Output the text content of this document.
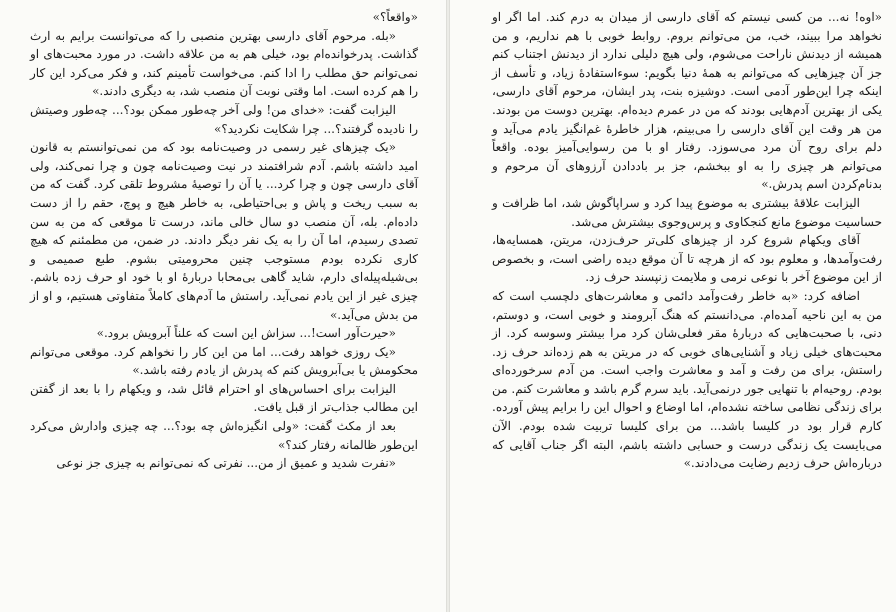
«واقعاً؟»

«بله. مرحوم آقای دارسی بهترین منصبی را که می‌توانست برایم به ارث گذاشت. پدرخوانده‌ام بود، خیلی هم به من علاقه داشت. در مورد محبت‌های او نمی‌توانم حق مطلب را ادا کنم. می‌خواست تأمینم کند، و فکر می‌کرد این کار را هم کرده است. اما وقتی نوبت آن منصب شد، به دیگری دادند.»

الیزابت گفت: «خدای من! ولی آخر چه‌طور ممکن بود؟... چه‌طور وصیتش را نادیده گرفتند؟... چرا شکایت نکردید؟»

«یک چیزهای غیر رسمی در وصیت‌نامه بود که من نمی‌توانستم به قانون امید داشته باشم. آدم شرافتمند در نیت وصیت‌نامه چون و چرا نمی‌کند، ولی آقای دارسی چون و چرا کرد... یا آن را توصیهٔ مشروط تلقی کرد. گفت که من به سبب ریخت و پاش و بی‌احتیاطی، به خاطر هیچ و پوچ، حقم را از دست داده‌ام. بله، آن منصب دو سال خالی ماند، درست تا موقعی که من به سن تصدی رسیدم، اما آن را به یک نفر دیگر دادند. در ضمن، من مطمئنم که هیچ کاری نکرده بودم مستوجب چنین محرومیتی بشوم. طبع صمیمی و بی‌شیله‌پیله‌ای دارم، شاید گاهی بی‌محابا دربارهٔ او با خود او حرف زده باشم. چیزی غیر از این یادم نمی‌آید. راستش ما آدم‌های کاملاً متفاوتی هستیم، و او از من بدش می‌آید.»

«حیرت‌آور است!... سزاش این است که علناً آبرویش برود.»

«یک روزی خواهد رفت... اما من این کار را نخواهم کرد. موقعی می‌توانم محکومش یا بی‌آبرویش کنم که پدرش از یادم رفته باشد.»

الیزابت برای احساس‌های او احترام قائل شد، و ویکهام را با بعد از گفتن این مطالب جذاب‌تر از قبل یافت.

بعد از مکث گفت: «ولی انگیزه‌اش چه بود؟... چه چیزی وادارش می‌کرد این‌طور ظالمانه رفتار کند؟»

«نفرت شدید و عمیق از من... نفرتی که نمی‌توانم به چیزی جز نوعی

«اوه! نه... من کسی نیستم که آقای دارسی از میدان به درم کند. اما اگر او نخواهد مرا ببیند، خب، من می‌توانم بروم. روابط خوبی با هم نداریم، و من همیشه از دیدنش ناراحت می‌شوم، ولی هیچ دلیلی ندارد از دیدنش اجتناب کنم جز آن چیزهایی که می‌توانم به همهٔ دنیا بگویم: سوءاستفادهٔ زیاد، و تأسف از اینکه چرا این‌طور آدمی است. دوشیزه بنت، پدر ایشان، مرحوم آقای دارسی، یکی از بهترین آدم‌هایی بودند که من در عمرم دیده‌ام. بهترین دوست من بودند. من هر وقت این آقای دارسی را می‌بینم، هزار خاطرهٔ غم‌انگیز یادم می‌آید و دلم برای روح آن مرد می‌سوزد. رفتار او با من رسوایی‌آمیز بوده. واقعاً می‌توانم هر چیزی را به او ببخشم، جز بر باددادن آرزوهای آن مرحوم و بدنام‌کردن اسم پدرش.»

الیزابت علاقهٔ بیشتری به موضوع پیدا کرد و سراپاگوش شد، اما ظرافت و حساسیت موضوع مانع کنجکاوی و پرس‌وجوی بیشترش می‌شد.

آقای ویکهام شروع کرد از چیزهای کلی‌تر حرف‌زدن، مریتن، همسایه‌ها، رفت‌وآمدها، و معلوم بود که از هرچه تا آن موقع دیده راضی است، و بخصوص از این موضوع آخر با نوعی نرمی و ملایمت زنپسند حرف زد.

اضافه کرد: «به خاطر رفت‌وآمد دائمی و معاشرت‌های دلچسب است که من به این ناحیه آمده‌ام. می‌دانستم که هنگ آبرومند و خوبی است، و دوستم، دنی، با صحبت‌هایی که دربارهٔ مقر فعلی‌شان کرد مرا بیشتر وسوسه کرد. از محبت‌های خیلی زیاد و آشنایی‌های خوبی که در مریتن به هم زده‌اند حرف زد. راستش، برای من رفت و آمد و معاشرت واجب است. من آدم سرخورده‌ای بودم. روحیه‌ام با تنهایی جور درنمی‌آید. باید سرم گرم باشد و معاشرت کنم. من برای زندگی نظامی ساخته نشده‌ام، اما اوضاع و احوال این را برایم پیش آورده. کارم قرار بود در کلیسا باشد... من برای کلیسا تربیت شده بودم. الآن می‌بایست یک زندگی درست و حسابی داشته باشم، البته اگر جناب آقایی که درباره‌اش حرف زدیم رضایت می‌دادند.»
